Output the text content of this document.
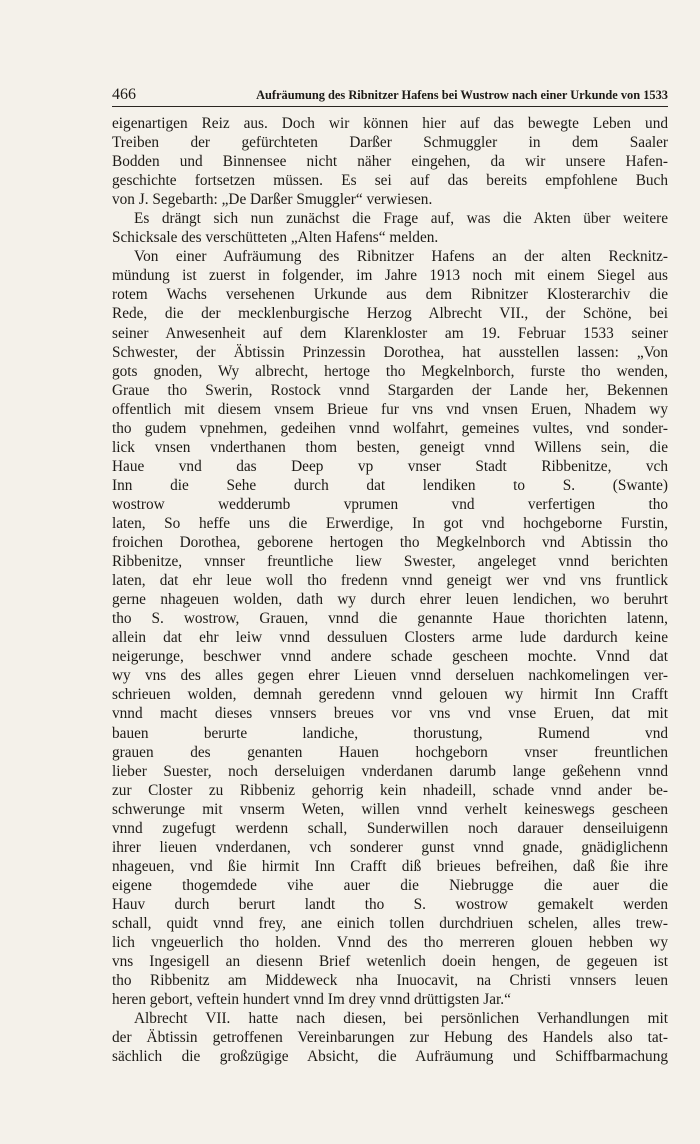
466	Aufräumung des Ribnitzer Hafens bei Wustrow nach einer Urkunde von 1533
eigenartigen Reiz aus. Doch wir können hier auf das bewegte Leben und
Treiben der gefürchteten Darßer Schmuggler in dem Saaler
Bodden und Binnensee nicht näher eingehen, da wir unsere Hafen-
geschichte fortsetzen müssen. Es sei auf das bereits empfohlene Buch
von J. Segebarth: „De Darßer Smuggler“ verwiesen.
Es drängt sich nun zunächst die Frage auf, was die Akten über weitere
Schicksale des verschütteten „Alten Hafens“ melden.
Von einer Aufräumung des Ribnitzer Hafens an der alten Recknitz-
mündung ist zuerst in folgender, im Jahre 1913 noch mit einem Siegel aus
rotem Wachs versehenen Urkunde aus dem Ribnitzer Klosterarchiv die
Rede, die der mecklenburgische Herzog Albrecht VII., der Schöne, bei
seiner Anwesenheit auf dem Klarenkloster am 19. Februar 1533 seiner
Schwester, der Äbtissin Prinzessin Dorothea, hat ausstellen lassen: „Von
gots gnoden, Wy albrecht, hertoge tho Megkelnborch, furste tho wenden,
Graue tho Swerin, Rostock vnnd Stargarden der Lande her, Bekennen
offentlich mit diesem vnsem Brieue fur vns vnd vnsen Eruen, Nhadem wy
tho gudem vpnehmen, gedeihen vnnd wolfahrt, gemeines vultes, vnd sonder-
lick vnsen vnderthanen thom besten, geneigt vnnd Willens sein, die
Haue vnd das Deep vp vnser Stadt Ribbenitze, vch
Inn die Sehe durch dat lendiken to S. (Swante)
wostrow wedderumb vprumen vnd verfertigen tho
laten, So heffe uns die Erwerdige, In got vnd hochgeborne Furstin,
froichen Dorothea, geborene hertogen tho Megkelnborch vnd Abtissin tho
Ribbenitze, vnnser freuntliche liew Swester, angeleget vnnd berichten
laten, dat ehr leue woll tho fredenn vnnd geneigt wer vnd vns fruntlick
gerne nhageuen wolden, dath wy durch ehrer leuen lendichen, wo beruhrt
tho S. wostrow, Grauen, vnnd die genannte Haue thorichten latenn,
allein dat ehr leiw vnnd dessuluen Closters arme lude dardurch keine
neigerunge, beschwer vnnd andere schade gescheen mochte. Vnnd dat
wy vns des alles gegen ehrer Lieuen vnnd derseluen nachkomelingen ver-
schrieuen wolden, demnah geredenn vnnd gelouen wy hirmit Inn Crafft
vnnd macht dieses vnnsers breues vor vns vnd vnse Eruen, dat mit
bauen berurte landiche, thorustung, Rumend vnd
grauen des genanten Hauen hochgeborn vnser freuntlichen
lieber Suester, noch derseluigen vnderdanen darumb lange geßehenn vnnd
zur Closter zu Ribbeniz gehorrig kein nhadeill, schade vnnd ander be-
schwerunge mit vnserm Weten, willen vnnd verhelt keineswegs gescheen
vnnd zugefugt werdenn schall, Sunderwillen noch darauer denseiluigenn
ihrer lieuen vnderdanen, vch sonderer gunst vnnd gnade, gnädiglichenn
nhageuen, vnd ßie hirmit Inn Crafft diß brieues befreihen, daß ßie ihre
eigene thogemdede vihe auer die Niebrugge die auer die
Hauv durch berurt landt tho S. wostrow gemakelt werden
schall, quidt vnnd frey, ane einich tollen durchdriuen schelen, alles trew-
lich vngeuerlich tho holden. Vnnd des tho merreren glouen hebben wy
vns Ingesigell an diesenn Brief wetenlich doein hengen, de gegeuen ist
tho Ribbenitz am Middeweck nha Inuocavit, na Christi vnnsers leuen
heren gebort, veftein hundert vnnd Im drey vnnd drüttigsten Jar.“
Albrecht VII. hatte nach diesen, bei persönlichen Verhandlungen mit
der Äbtissin getroffenen Vereinbarungen zur Hebung des Handels also tat-
sächlich die großzügige Absicht, die Aufräumung und Schiffbarmachung
